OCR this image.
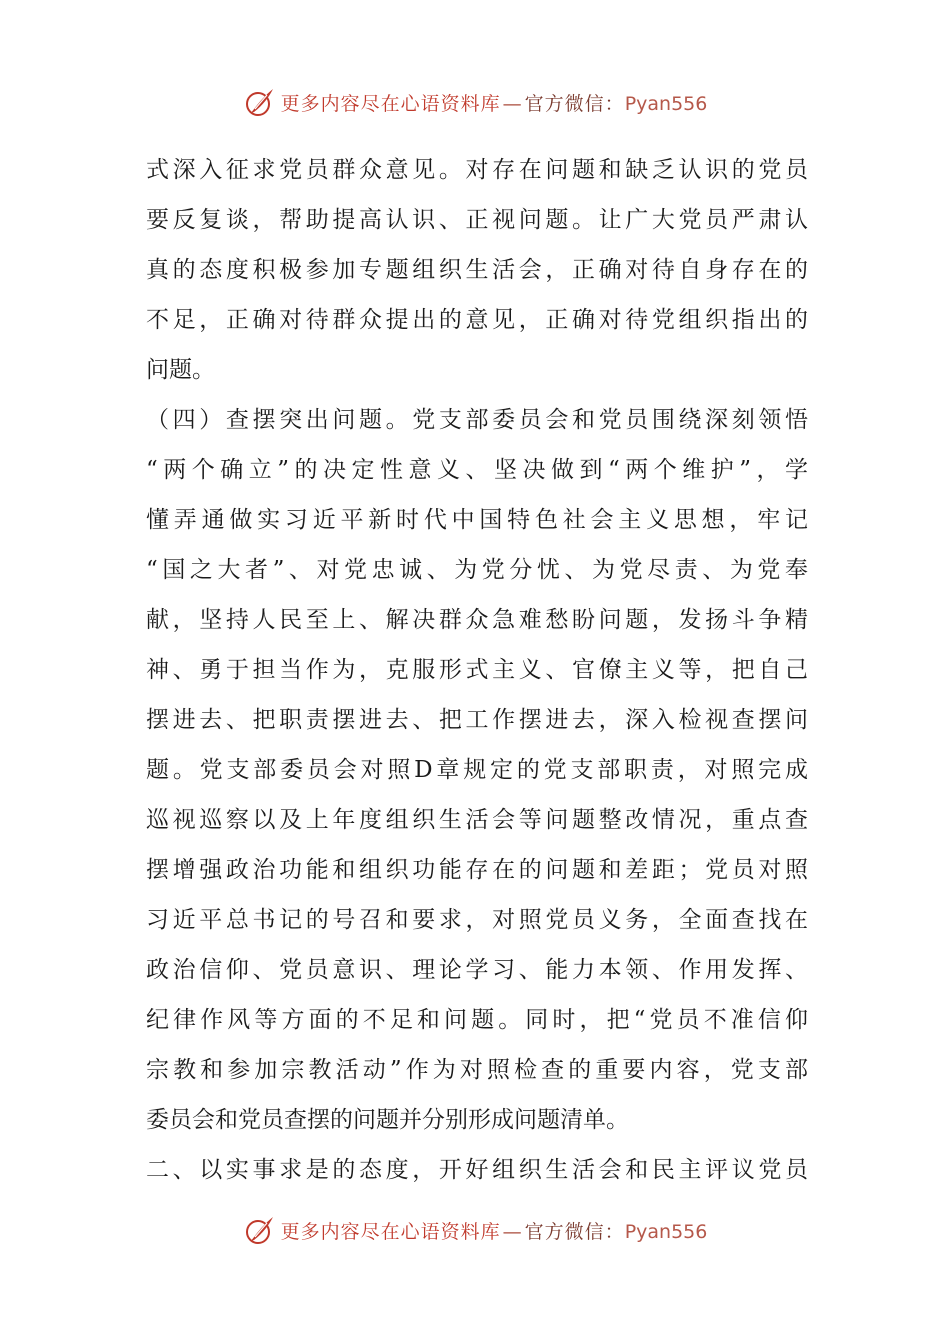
更多内容尽在心语资料库 — 官方微信：Pyan556
式深入征求党员群众意见。对存在问题和缺乏认识的党员
要反复谈，帮助提高认识、正视问题。让广大党员严肃认
真的态度积极参加专题组织生活会，正确对待自身存在的
不足，正确对待群众提出的意见，正确对待党组织指出的
问题。
（四）查摆突出问题。党支部委员会和党员围绕深刻领悟
“两个确立”的决定性意义、坚决做到“两个维护”，学
懂弄通做实习近平新时代中国特色社会主义思想，牢记
“国之大者”、对党忠诚、为党分忧、为党尽责、为党奉
献，坚持人民至上、解决群众急难愁盼问题，发扬斗争精
神、勇于担当作为，克服形式主义、官僚主义等，把自己
摆进去、把职责摆进去、把工作摆进去，深入检视查摆问
题。党支部委员会对照D章规定的党支部职责，对照完成
巡视巡察以及上年度组织生活会等问题整改情况，重点查
摆增强政治功能和组织功能存在的问题和差距；党员对照
习近平总书记的号召和要求，对照党员义务，全面查找在
政治信仰、党员意识、理论学习、能力本领、作用发挥、
纪律作风等方面的不足和问题。同时，把“党员不准信仰
宗教和参加宗教活动”作为对照检查的重要内容，党支部
委员会和党员查摆的问题并分别形成问题清单。
二、以实事求是的态度，开好组织生活会和民主评议党员
更多内容尽在心语资料库 — 官方微信：Pyan556
